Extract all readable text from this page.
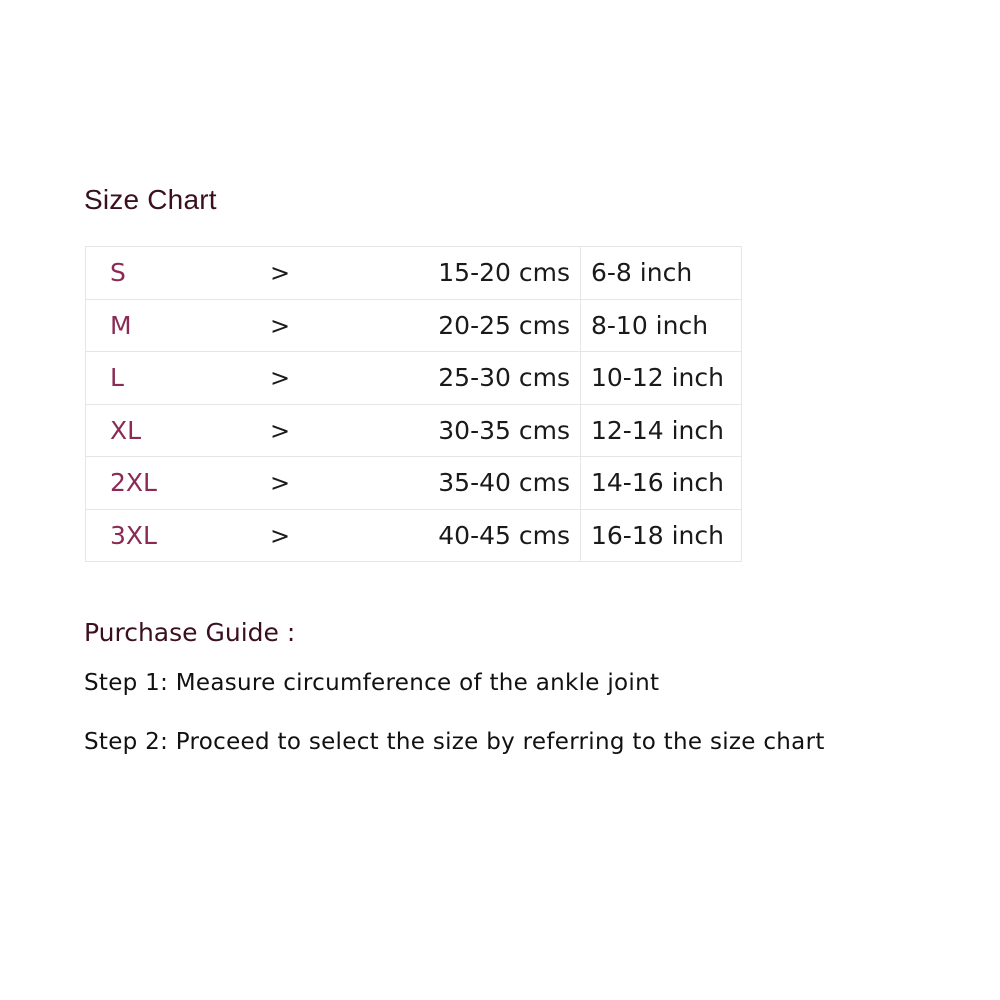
Size Chart
S	>	15-20 cms	6-8 inch
M	>	20-25 cms	8-10 inch
L	>	25-30 cms	10-12 inch
XL	>	30-35 cms	12-14 inch
2XL	>	35-40 cms	14-16 inch
3XL	>	40-45 cms	16-18 inch
Purchase Guide :
Step 1: Measure circumference of the ankle joint
Step 2: Proceed to select the size by referring to the size chart
